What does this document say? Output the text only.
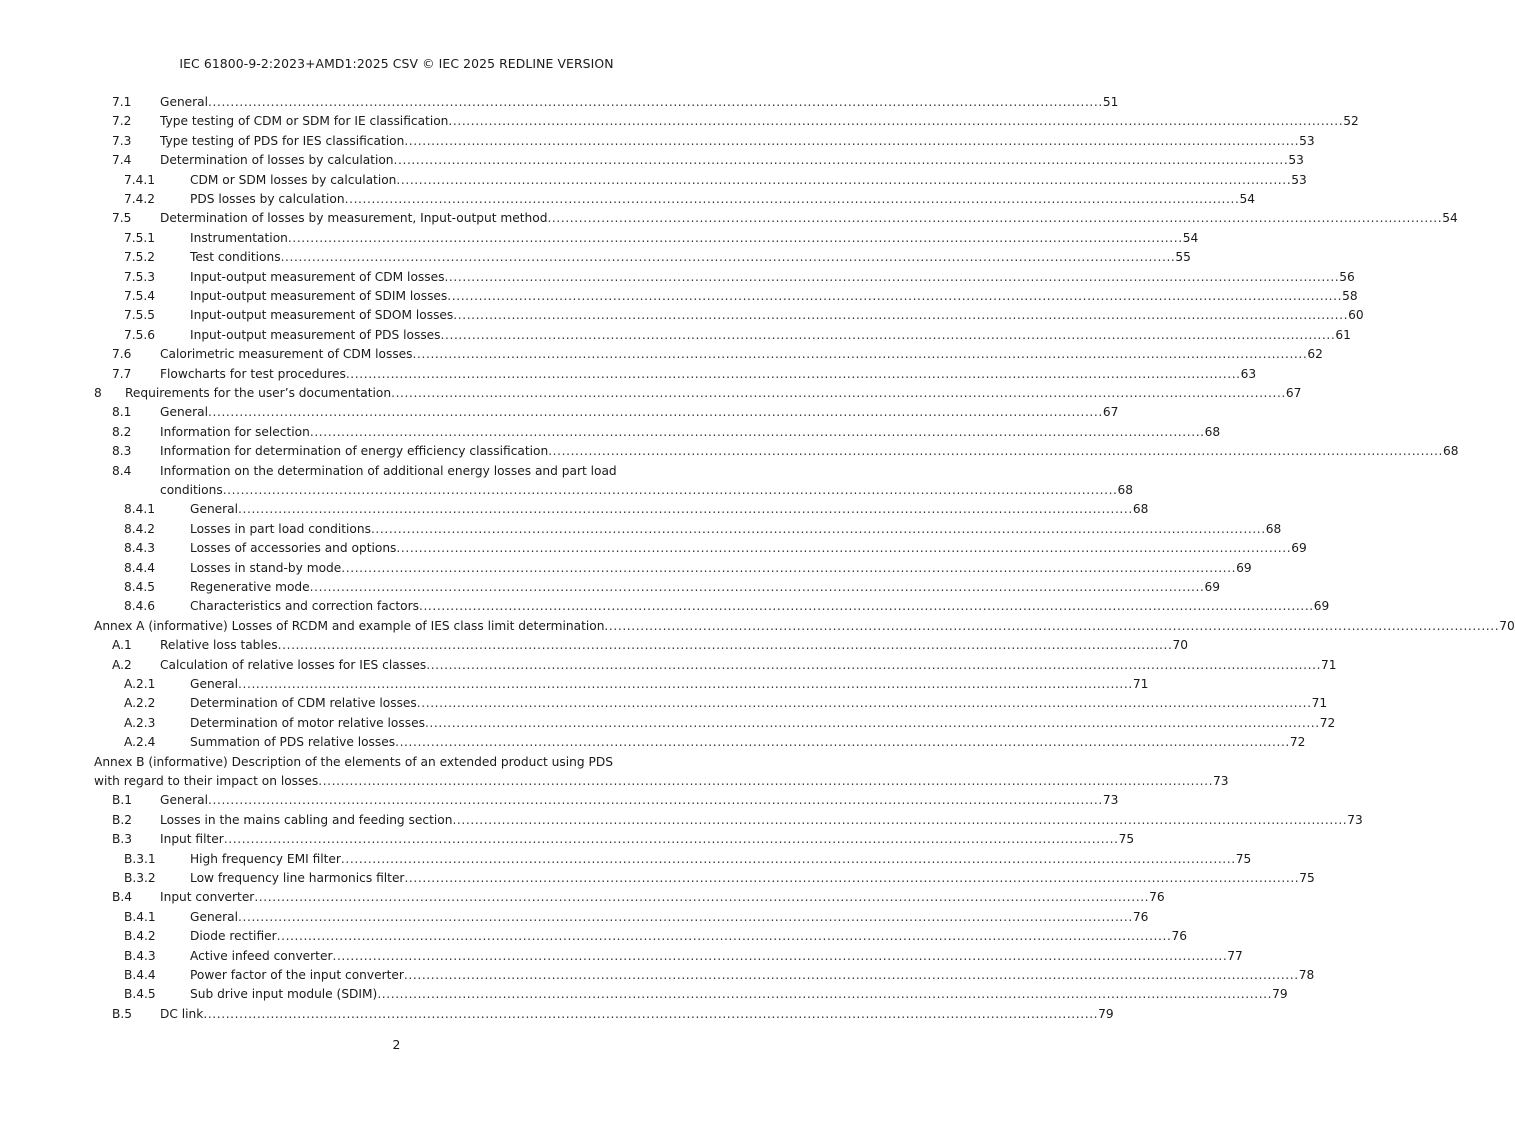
IEC 61800-9-2:2023+AMD1:2025 CSV © IEC 2025 REDLINE VERSION
7.1 General ........................................................................................................................................................................................................ 51
7.2 Type testing of CDM or SDM for IE classification ........................................................................................................................................................................................................ 52
7.3 Type testing of PDS for IES classification ........................................................................................................................................................................................................ 53
7.4 Determination of losses by calculation ........................................................................................................................................................................................................ 53
7.4.1	CDM or SDM losses by calculation ........................................................................................................................................................................................................ 53
7.4.2	PDS losses by calculation ........................................................................................................................................................................................................ 54
7.5 Determination of losses by measurement, Input-output method ........................................................................................................................................................................................................ 54
7.5.1	Instrumentation ........................................................................................................................................................................................................ 54
7.5.2	Test conditions ........................................................................................................................................................................................................ 55
7.5.3	Input-output measurement of CDM losses ........................................................................................................................................................................................................ 56
7.5.4	Input-output measurement of SDIM losses ........................................................................................................................................................................................................ 58
7.5.5	Input-output measurement of SDOM losses ........................................................................................................................................................................................................ 60
7.5.6	Input-output measurement of PDS losses ........................................................................................................................................................................................................ 61
7.6 Calorimetric measurement of CDM losses ........................................................................................................................................................................................................ 62
7.7 Flowcharts for test procedures ........................................................................................................................................................................................................ 63
8 Requirements for the user’s documentation ........................................................................................................................................................................................................ 67
8.1 General ........................................................................................................................................................................................................ 67
8.2 Information for selection ........................................................................................................................................................................................................ 68
8.3 Information for determination of energy efficiency classification ........................................................................................................................................................................................................ 68
8.4 Information on the determination of additional energy losses and part load
conditions ........................................................................................................................................................................................................ 68
8.4.1	General ........................................................................................................................................................................................................ 68
8.4.2	Losses in part load conditions ........................................................................................................................................................................................................ 68
8.4.3	Losses of accessories and options ........................................................................................................................................................................................................ 69
8.4.4	Losses in stand-by mode ........................................................................................................................................................................................................ 69
8.4.5	Regenerative mode ........................................................................................................................................................................................................ 69
8.4.6	Characteristics and correction factors ........................................................................................................................................................................................................ 69
Annex A (informative) Losses of RCDM and example of IES class limit determination ........................................................................................................................................................................................................ 70
A.1 Relative loss tables ........................................................................................................................................................................................................ 70
A.2 Calculation of relative losses for IES classes ........................................................................................................................................................................................................ 71
A.2.1	General ........................................................................................................................................................................................................ 71
A.2.2	Determination of CDM relative losses ........................................................................................................................................................................................................ 71
A.2.3	Determination of motor relative losses ........................................................................................................................................................................................................ 72
A.2.4	Summation of PDS relative losses ........................................................................................................................................................................................................ 72
Annex B (informative) Description of the elements of an extended product using PDS
with regard to their impact on losses ........................................................................................................................................................................................................ 73
B.1 General ........................................................................................................................................................................................................ 73
B.2 Losses in the mains cabling and feeding section ........................................................................................................................................................................................................ 73
B.3 Input filter ........................................................................................................................................................................................................ 75
B.3.1	High frequency EMI filter ........................................................................................................................................................................................................ 75
B.3.2	Low frequency line harmonics filter ........................................................................................................................................................................................................ 75
B.4 Input converter ........................................................................................................................................................................................................ 76
B.4.1	General ........................................................................................................................................................................................................ 76
B.4.2	Diode rectifier ........................................................................................................................................................................................................ 76
B.4.3	Active infeed converter ........................................................................................................................................................................................................ 77
B.4.4	Power factor of the input converter ........................................................................................................................................................................................................ 78
B.4.5	Sub drive input module (SDIM) ........................................................................................................................................................................................................ 79
B.5 DC link ........................................................................................................................................................................................................ 79
2
